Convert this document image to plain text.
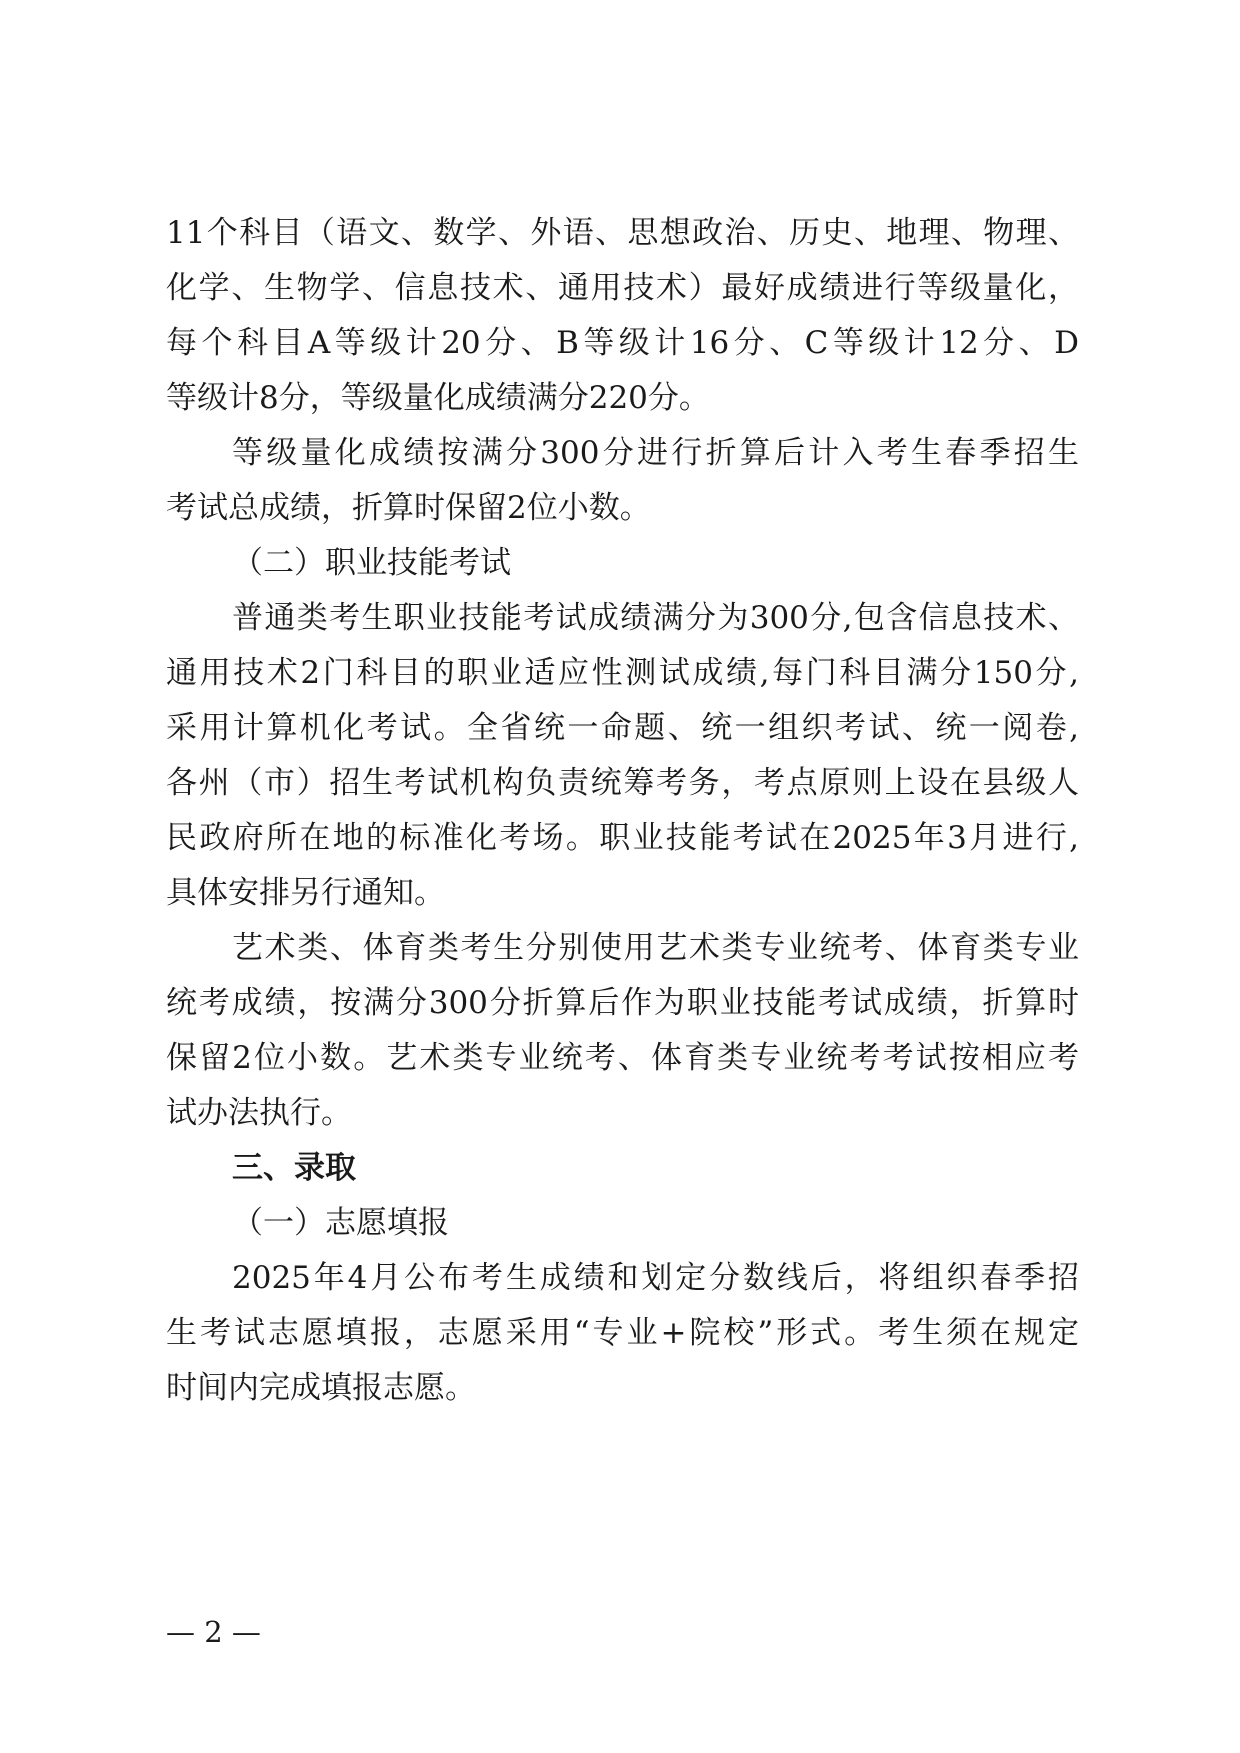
11个科目（语文、数学、外语、思想政治、历史、地理、物理、
化学、生物学、信息技术、通用技术）最好成绩进行等级量化，
每个科目A等级计20分、B等级计16分、C等级计12分、D
等级计8分，等级量化成绩满分220分。
等级量化成绩按满分300分进行折算后计入考生春季招生
考试总成绩，折算时保留2位小数。
（二）职业技能考试
普通类考生职业技能考试成绩满分为300分,包含信息技术、
通用技术2门科目的职业适应性测试成绩,每门科目满分150分,
采用计算机化考试。全省统一命题、统一组织考试、统一阅卷,
各州（市）招生考试机构负责统筹考务，考点原则上设在县级人
民政府所在地的标准化考场。职业技能考试在2025年3月进行,
具体安排另行通知。
艺术类、体育类考生分别使用艺术类专业统考、体育类专业
统考成绩，按满分300分折算后作为职业技能考试成绩，折算时
保留2位小数。艺术类专业统考、体育类专业统考考试按相应考
试办法执行。
三、录取
（一）志愿填报
2025年4月公布考生成绩和划定分数线后，将组织春季招
生考试志愿填报，志愿采用“专业+院校”形式。考生须在规定
时间内完成填报志愿。
— 2 —
